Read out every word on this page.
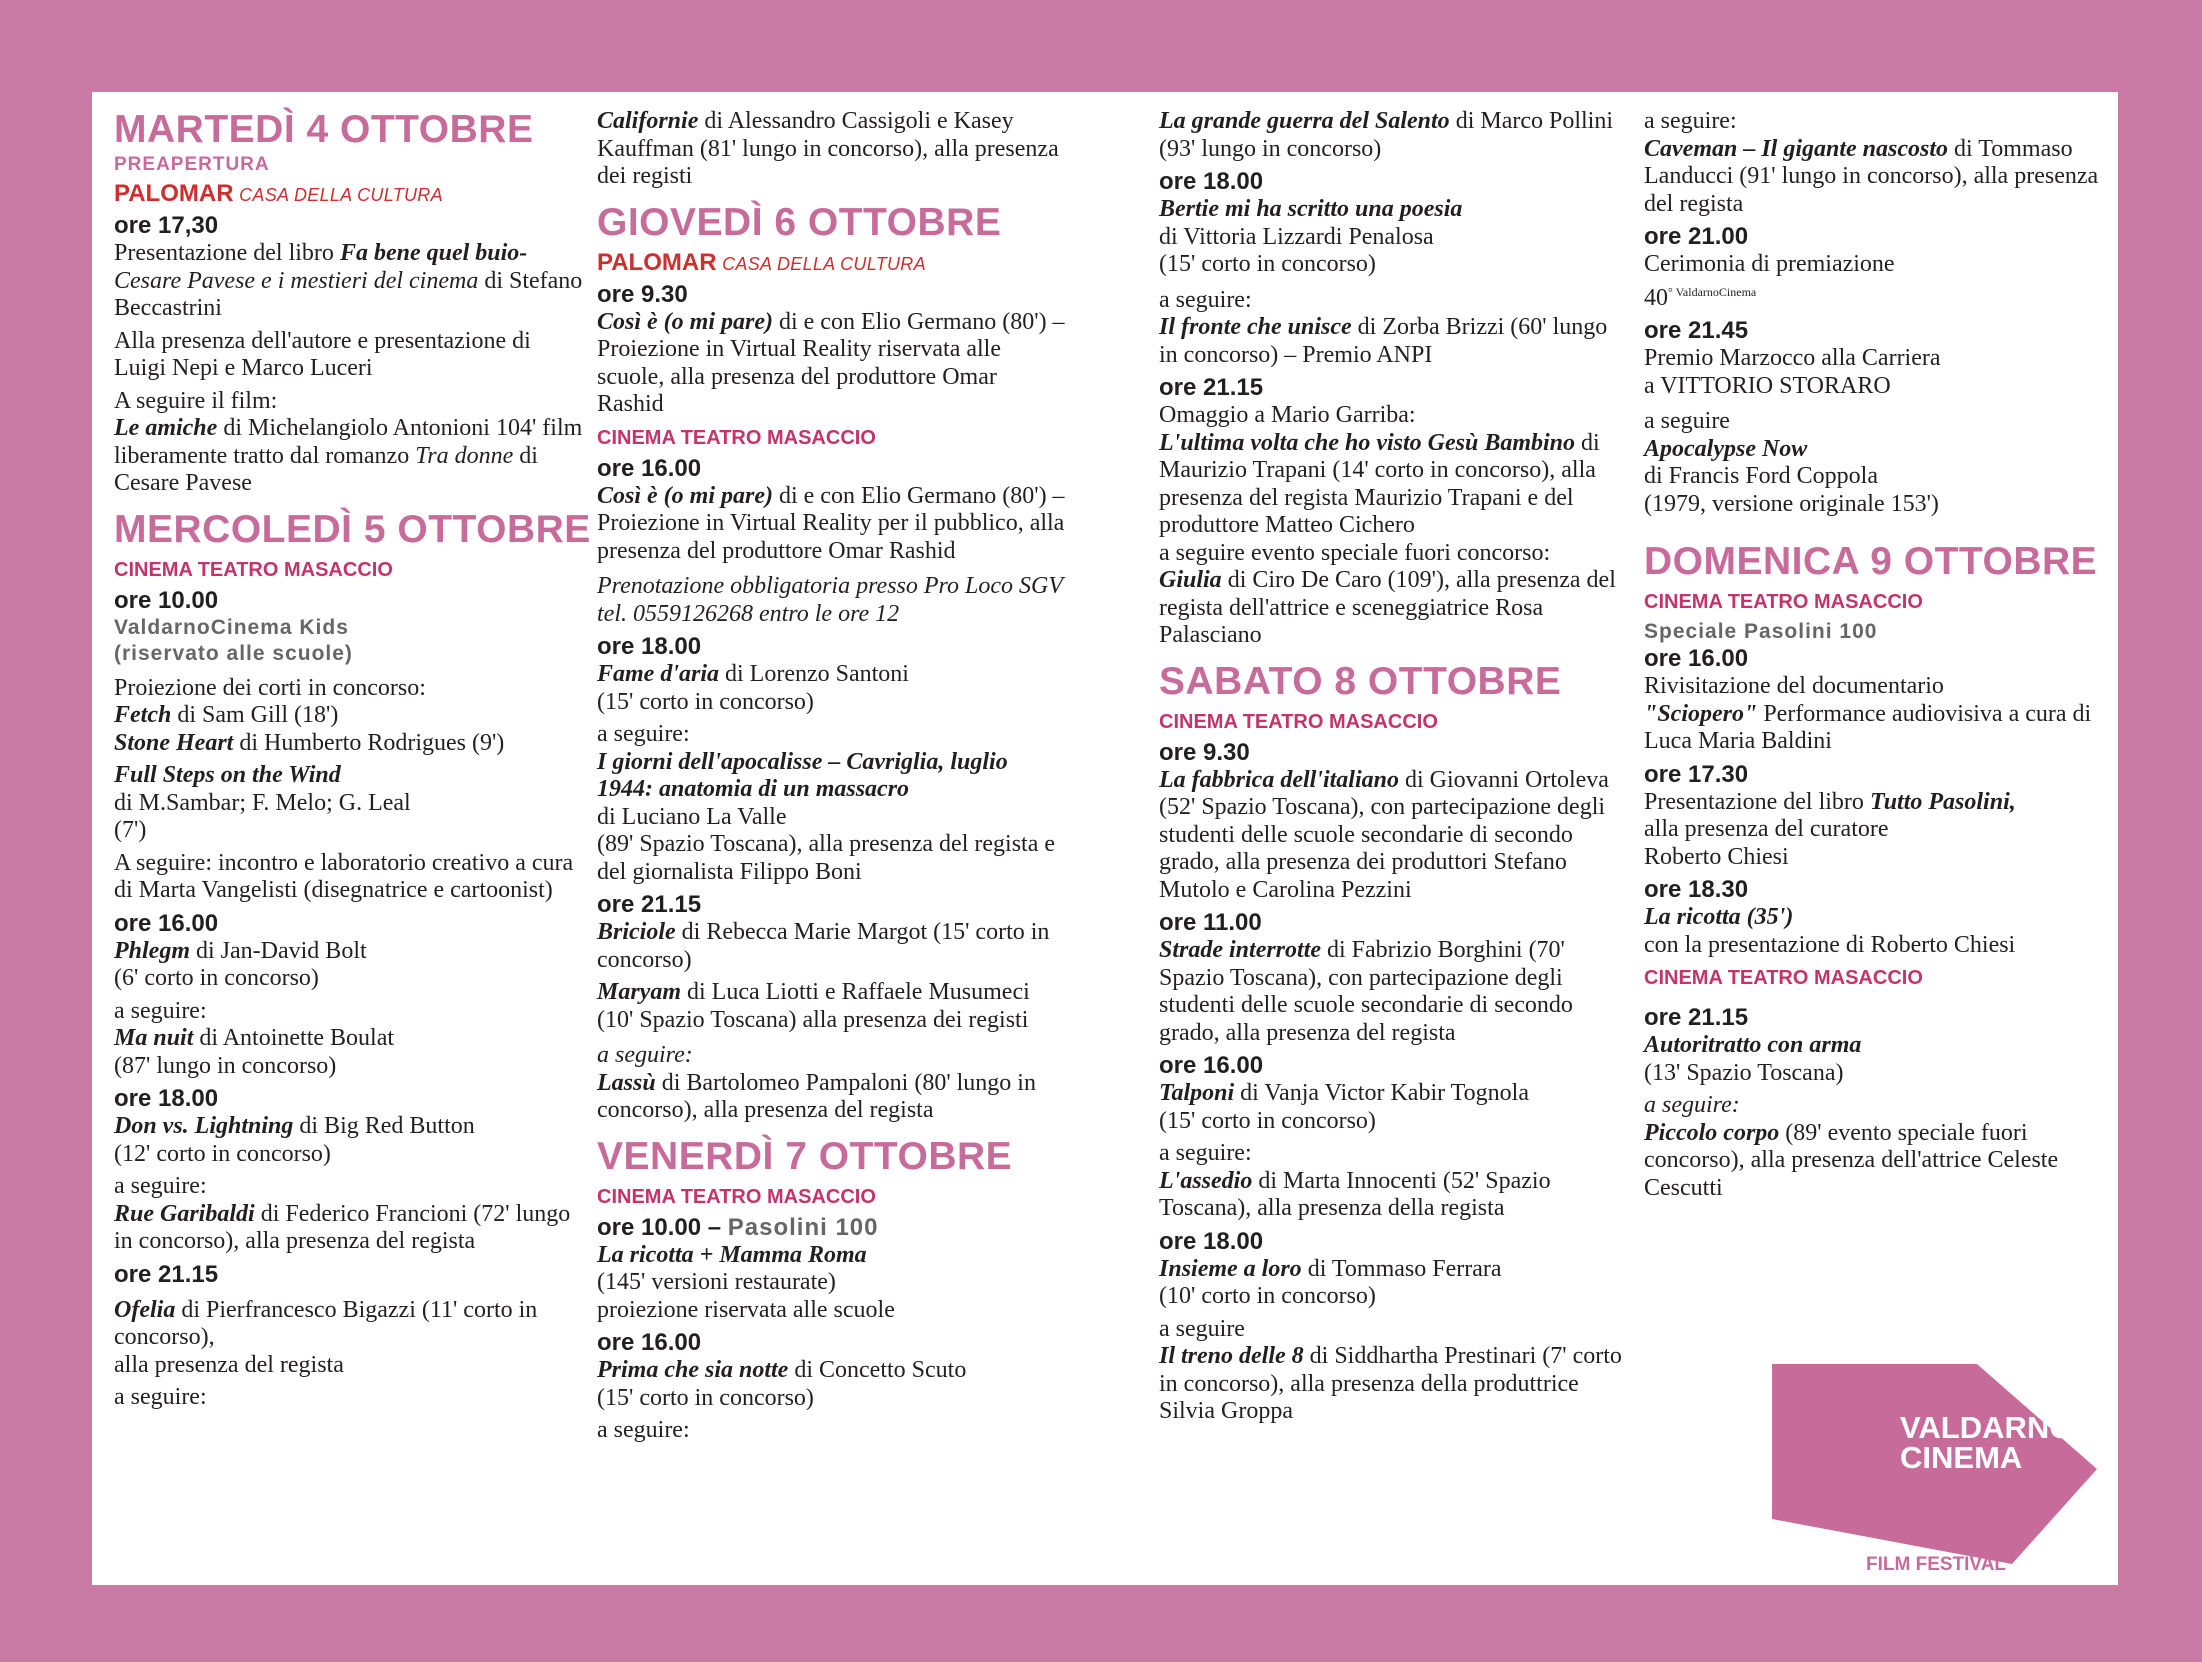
MARTEDÌ 4 OTTOBRE
PREAPERTURA
PALOMAR CASA DELLA CULTURA
ore 17,30

Presentazione del libro Fa bene quel buio- Cesare Pavese e i mestieri del cinema di Stefano Beccastrini

Alla presenza dell'autore e presentazione di Luigi Nepi e Marco Luceri

A seguire il film:
Le amiche di Michelangiolo Antonioni 104' film liberamente tratto dal romanzo Tra donne di Cesare Pavese

MERCOLEDÌ 5 OTTOBRE
CINEMA TEATRO MASACCIO
ore 10.00
ValdarnoCinema Kids
(riservato alle scuole)

Proiezione dei corti in concorso:
Fetch di Sam Gill (18')
Stone Heart di Humberto Rodrigues (9')

Full Steps on the Wind
di M.Sambar; F. Melo; G. Leal
(7')

A seguire: incontro e laboratorio creativo a cura di Marta Vangelisti (disegnatrice e cartoonist)

ore 16.00

Phlegm di Jan-David Bolt
(6' corto in concorso)

a seguire:
Ma nuit di Antoinette Boulat
(87' lungo in concorso)

ore 18.00

Don vs. Lightning di Big Red Button
(12' corto in concorso)

a seguire:
Rue Garibaldi di Federico Francioni (72' lungo in concorso), alla presenza del regista

ore 21.15

Ofelia di Pierfrancesco Bigazzi (11' corto in concorso),
alla presenza del regista

a seguire:

Californie di Alessandro Cassigoli e Kasey Kauffman (81' lungo in concorso), alla presenza dei registi

GIOVEDÌ 6 OTTOBRE
PALOMAR CASA DELLA CULTURA
ore 9.30

Così è (o mi pare) di e con Elio Germano (80') – Proiezione in Virtual Reality riservata alle scuole, alla presenza del produttore Omar Rashid

CINEMA TEATRO MASACCIO
ore 16.00

Così è (o mi pare) di e con Elio Germano (80') – Proiezione in Virtual Reality per il pubblico, alla presenza del produttore Omar Rashid

Prenotazione obbligatoria presso Pro Loco SGV tel. 0559126268 entro le ore 12

ore 18.00

Fame d'aria di Lorenzo Santoni
(15' corto in concorso)

a seguire:
I giorni dell'apocalisse – Cavriglia, luglio 1944: anatomia di un massacro
di Luciano La Valle
(89' Spazio Toscana), alla presenza del regista e del giornalista Filippo Boni

ore 21.15

Briciole di Rebecca Marie Margot (15' corto in concorso)

Maryam di Luca Liotti e Raffaele Musumeci (10' Spazio Toscana) alla presenza dei registi

a seguire:
Lassù di Bartolomeo Pampaloni (80' lungo in concorso), alla presenza del regista

VENERDÌ 7 OTTOBRE
CINEMA TEATRO MASACCIO
ore 10.00 – Pasolini 100

La ricotta + Mamma Roma
(145' versioni restaurate)
proiezione riservata alle scuole

ore 16.00

Prima che sia notte di Concetto Scuto
(15' corto in concorso)

a seguire:

La grande guerra del Salento di Marco Pollini (93' lungo in concorso)

ore 18.00

Bertie mi ha scritto una poesia
di Vittoria Lizzardi Penalosa
(15' corto in concorso)

a seguire:
Il fronte che unisce di Zorba Brizzi (60' lungo in concorso) – Premio ANPI

ore 21.15

Omaggio a Mario Garriba:
L'ultima volta che ho visto Gesù Bambino di Maurizio Trapani (14' corto in concorso), alla presenza del regista Maurizio Trapani e del produttore Matteo Cichero
a seguire evento speciale fuori concorso:
Giulia di Ciro De Caro (109'), alla presenza del regista dell'attrice e sceneggiatrice Rosa Palasciano

SABATO 8 OTTOBRE
CINEMA TEATRO MASACCIO
ore 9.30

La fabbrica dell'italiano di Giovanni Ortoleva (52' Spazio Toscana), con partecipazione degli studenti delle scuole secondarie di secondo grado, alla presenza dei produttori Stefano Mutolo e Carolina Pezzini

ore 11.00

Strade interrotte di Fabrizio Borghini (70' Spazio Toscana), con partecipazione degli studenti delle scuole secondarie di secondo grado, alla presenza del regista

ore 16.00

Talponi di Vanja Victor Kabir Tognola
(15' corto in concorso)

a seguire:
L'assedio di Marta Innocenti (52' Spazio Toscana), alla presenza della regista

ore 18.00

Insieme a loro di Tommaso Ferrara
(10' corto in concorso)

a seguire
Il treno delle 8 di Siddhartha Prestinari (7' corto in concorso), alla presenza della produttrice Silvia Groppa

a seguire:
Caveman – Il gigante nascosto di Tommaso Landucci (91' lungo in concorso), alla presenza del regista

ore 21.00

Cerimonia di premiazione
$40^{^\circ ValdarnoCinema}$

ore 21.45

Premio Marzocco alla Carriera
a VITTORIO STORARO

a seguire
Apocalypse Now
di Francis Ford Coppola
(1979, versione originale 153')

DOMENICA 9 OTTOBRE
CINEMA TEATRO MASACCIO
Speciale Pasolini 100
ore 16.00

Rivisitazione del documentario
"Sciopero" Performance audiovisiva a cura di Luca Maria Baldini

ore 17.30

Presentazione del libro Tutto Pasolini,
alla presenza del curatore
Roberto Chiesi

ore 18.30

La ricotta (35')
con la presentazione di Roberto Chiesi

CINEMA TEATRO MASACCIO
ore 21.15

Autoritratto con arma
(13' Spazio Toscana)

a seguire:
Piccolo corpo (89' evento speciale fuori concorso), alla presenza dell'attrice Celeste Cescutti

VALDARNO
CINEMA
FILM FESTIVAL
